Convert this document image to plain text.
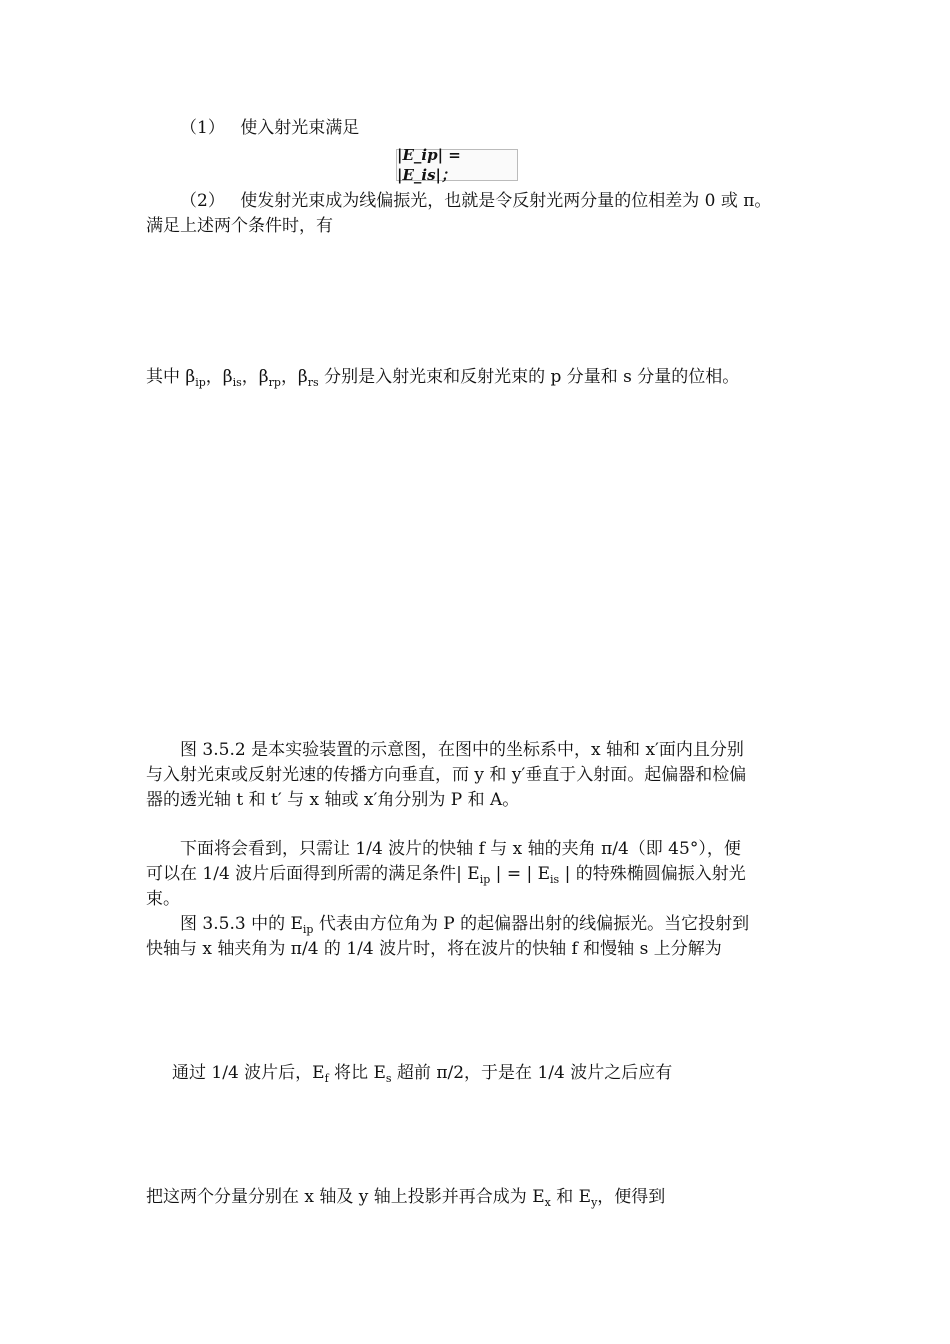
（1） 使入射光束满足
|E_ip| = |E_is|；
（2） 使发射光束成为线偏振光，也就是令反射光两分量的位相差为 0 或 π。
满足上述两个条件时，有
其中 $\beta_{ip}$，$\beta_{is}$，$\beta_{rp}$，$\beta_{rs}$ 分别是入射光束和反射光束的 p 分量和 s 分量的位相。
图 3.5.2 是本实验装置的示意图，在图中的坐标系中，x 轴和 x′面内且分别
与入射光束或反射光速的传播方向垂直，而 y 和 y′垂直于入射面。起偏器和检偏
器的透光轴 t 和 t′ 与 x 轴或 x′角分别为 P 和 A。
下面将会看到，只需让 1/4 波片的快轴 f 与 x 轴的夹角 π/4（即 45°），便
可以在 1/4 波片后面得到所需的满足条件| $E_{ip}$ | = | $E_{is}$ | 的特殊椭圆偏振入射光
束。
图 3.5.3 中的 $E_{ip}$ 代表由方位角为 P 的起偏器出射的线偏振光。当它投射到
快轴与 x 轴夹角为 π/4 的 1/4 波片时，将在波片的快轴 f 和慢轴 s 上分解为
通过 1/4 波片后，$E_f$ 将比 $E_s$ 超前 π/2，于是在 1/4 波片之后应有
把这两个分量分别在 x 轴及 y 轴上投影并再合成为 $E_x$ 和 $E_y$，便得到
